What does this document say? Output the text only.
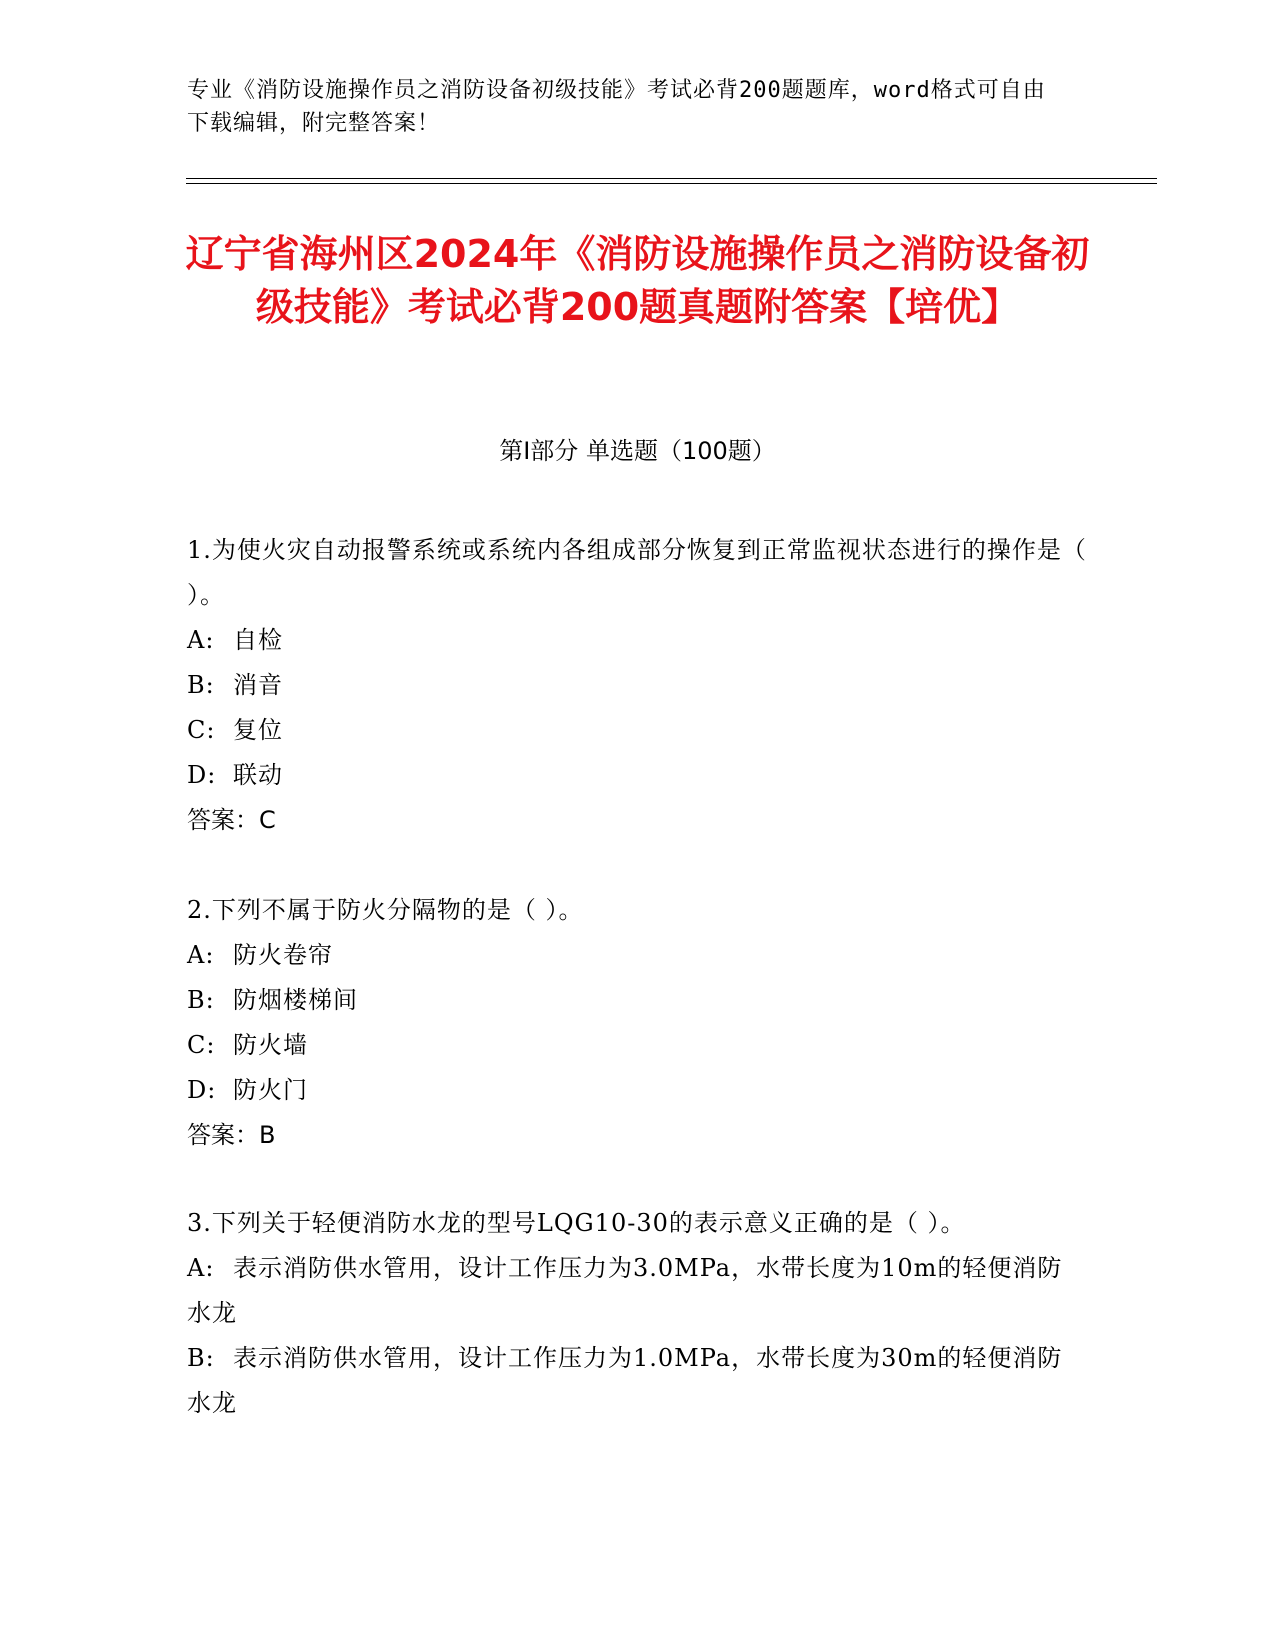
专业《消防设施操作员之消防设备初级技能》考试必背200题题库，word格式可自由下载编辑，附完整答案！
辽宁省海州区2024年《消防设施操作员之消防设备初级技能》考试必背200题真题附答案【培优】
第I部分 单选题（100题）
1.为使火灾自动报警系统或系统内各组成部分恢复到正常监视状态进行的操作是（ ）。
A: 自检
B: 消音
C: 复位
D: 联动
答案：C
2.下列不属于防火分隔物的是（ ）。
A: 防火卷帘
B: 防烟楼梯间
C: 防火墙
D: 防火门
答案：B
3.下列关于轻便消防水龙的型号LQG10-30的表示意义正确的是（ ）。
A: 表示消防供水管用，设计工作压力为3.0MPa，水带长度为10m的轻便消防水龙
B: 表示消防供水管用，设计工作压力为1.0MPa，水带长度为30m的轻便消防水龙
